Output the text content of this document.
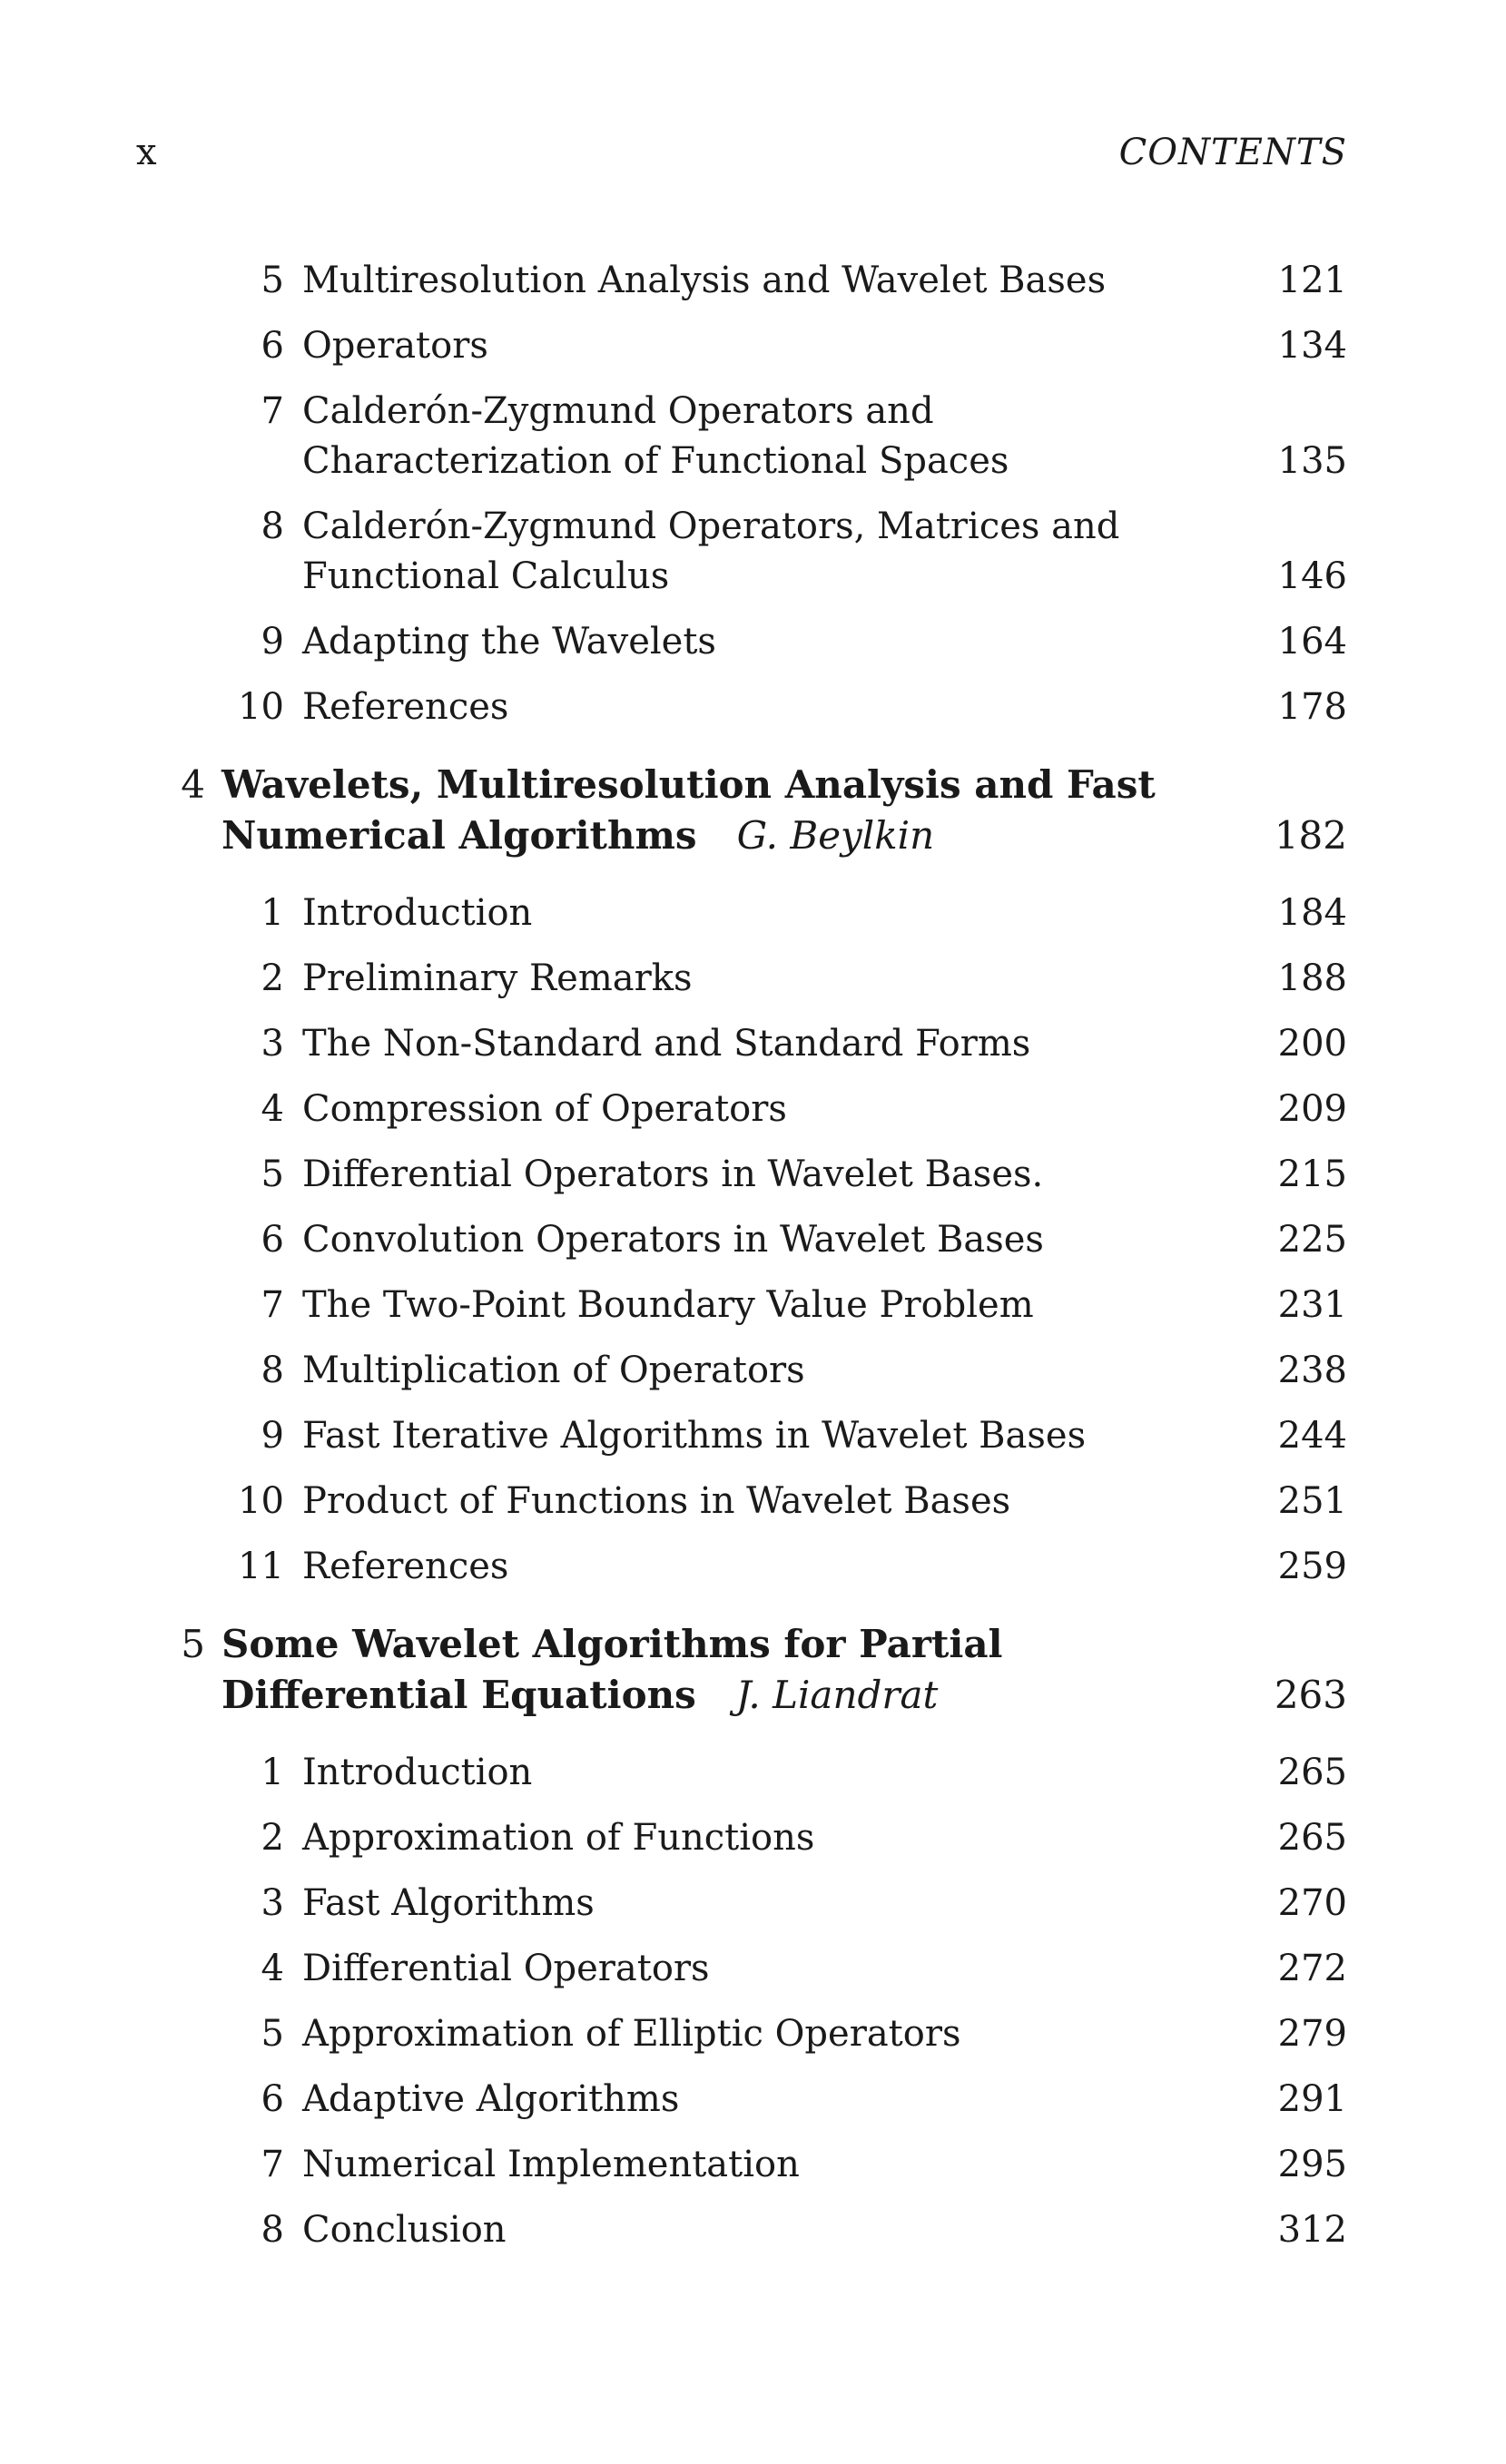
x	CONTENTS
5 Multiresolution Analysis and Wavelet Bases	121
6 Operators	134
7 Calderón-Zygmund Operators and Characterization of Functional Spaces	135
8 Calderón-Zygmund Operators, Matrices and Functional Calculus	146
9 Adapting the Wavelets	164
10 References	178
4 Wavelets, Multiresolution Analysis and Fast Numerical Algorithms G. Beylkin	182
1 Introduction	184
2 Preliminary Remarks	188
3 The Non-Standard and Standard Forms	200
4 Compression of Operators	209
5 Differential Operators in Wavelet Bases.	215
6 Convolution Operators in Wavelet Bases	225
7 The Two-Point Boundary Value Problem	231
8 Multiplication of Operators	238
9 Fast Iterative Algorithms in Wavelet Bases	244
10 Product of Functions in Wavelet Bases	251
11 References	259
5 Some Wavelet Algorithms for Partial Differential Equations J. Liandrat	263
1 Introduction	265
2 Approximation of Functions	265
3 Fast Algorithms	270
4 Differential Operators	272
5 Approximation of Elliptic Operators	279
6 Adaptive Algorithms	291
7 Numerical Implementation	295
8 Conclusion	312
